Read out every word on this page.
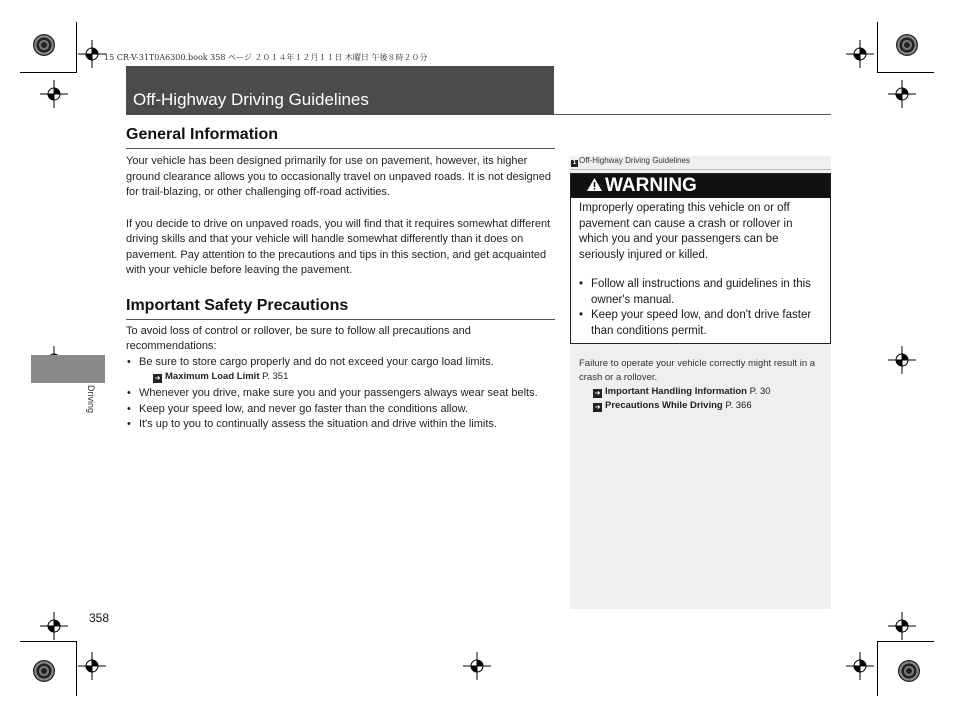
15 CR-V-31T0A6300.book 358 ページ ２０１４年１２月１１日 木曜日 午後８時２０分
Off-Highway Driving Guidelines
Driving
General Information
Your vehicle has been designed primarily for use on pavement, however, its higher ground clearance allows you to occasionally travel on unpaved roads. It is not designed for trail-blazing, or other challenging off-road activities.
If you decide to drive on unpaved roads, you will find that it requires somewhat different driving skills and that your vehicle will handle somewhat differently than it does on pavement. Pay attention to the precautions and tips in this section, and get acquainted with your vehicle before leaving the pavement.
Important Safety Precautions
To avoid loss of control or rollover, be sure to follow all precautions and recommendations:
• Be sure to store cargo properly and do not exceed your cargo load limits.
➜ Maximum Load Limit P. 351
• Whenever you drive, make sure you and your passengers always wear seat belts.
• Keep your speed low, and never go faster than the conditions allow.
• It's up to you to continually assess the situation and drive within the limits.
358
1 Off-Highway Driving Guidelines
WARNING
Improperly operating this vehicle on or off pavement can cause a crash or rollover in which you and your passengers can be seriously injured or killed.
• Follow all instructions and guidelines in this owner's manual.
• Keep your speed low, and don't drive faster than conditions permit.
Failure to operate your vehicle correctly might result in a crash or a rollover.
➜ Important Handling Information P. 30
➜ Precautions While Driving P. 366
